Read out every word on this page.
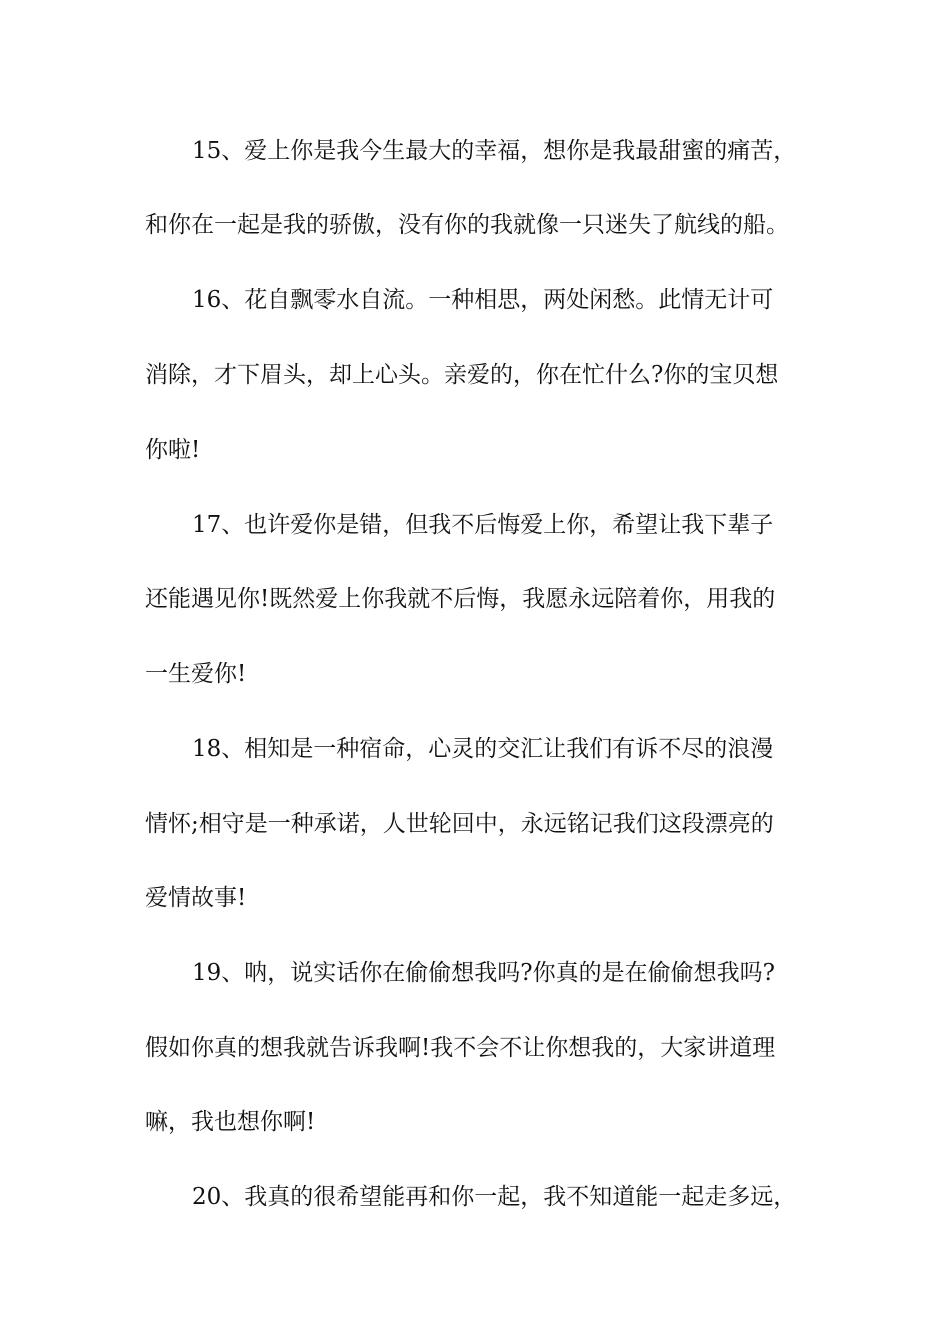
15、爱上你是我今生最大的幸福，想你是我最甜蜜的痛苦，

和你在一起是我的骄傲，没有你的我就像一只迷失了航线的船。

16、花自飘零水自流。一种相思，两处闲愁。此情无计可

消除，才下眉头，却上心头。亲爱的，你在忙什么?你的宝贝想

你啦!

17、也许爱你是错，但我不后悔爱上你，希望让我下辈子

还能遇见你!既然爱上你我就不后悔，我愿永远陪着你，用我的

一生爱你!

18、相知是一种宿命，心灵的交汇让我们有诉不尽的浪漫

情怀;相守是一种承诺，人世轮回中，永远铭记我们这段漂亮的

爱情故事!

19、呐，说实话你在偷偷想我吗?你真的是在偷偷想我吗?

假如你真的想我就告诉我啊!我不会不让你想我的，大家讲道理

嘛，我也想你啊!

20、我真的很希望能再和你一起，我不知道能一起走多远，
